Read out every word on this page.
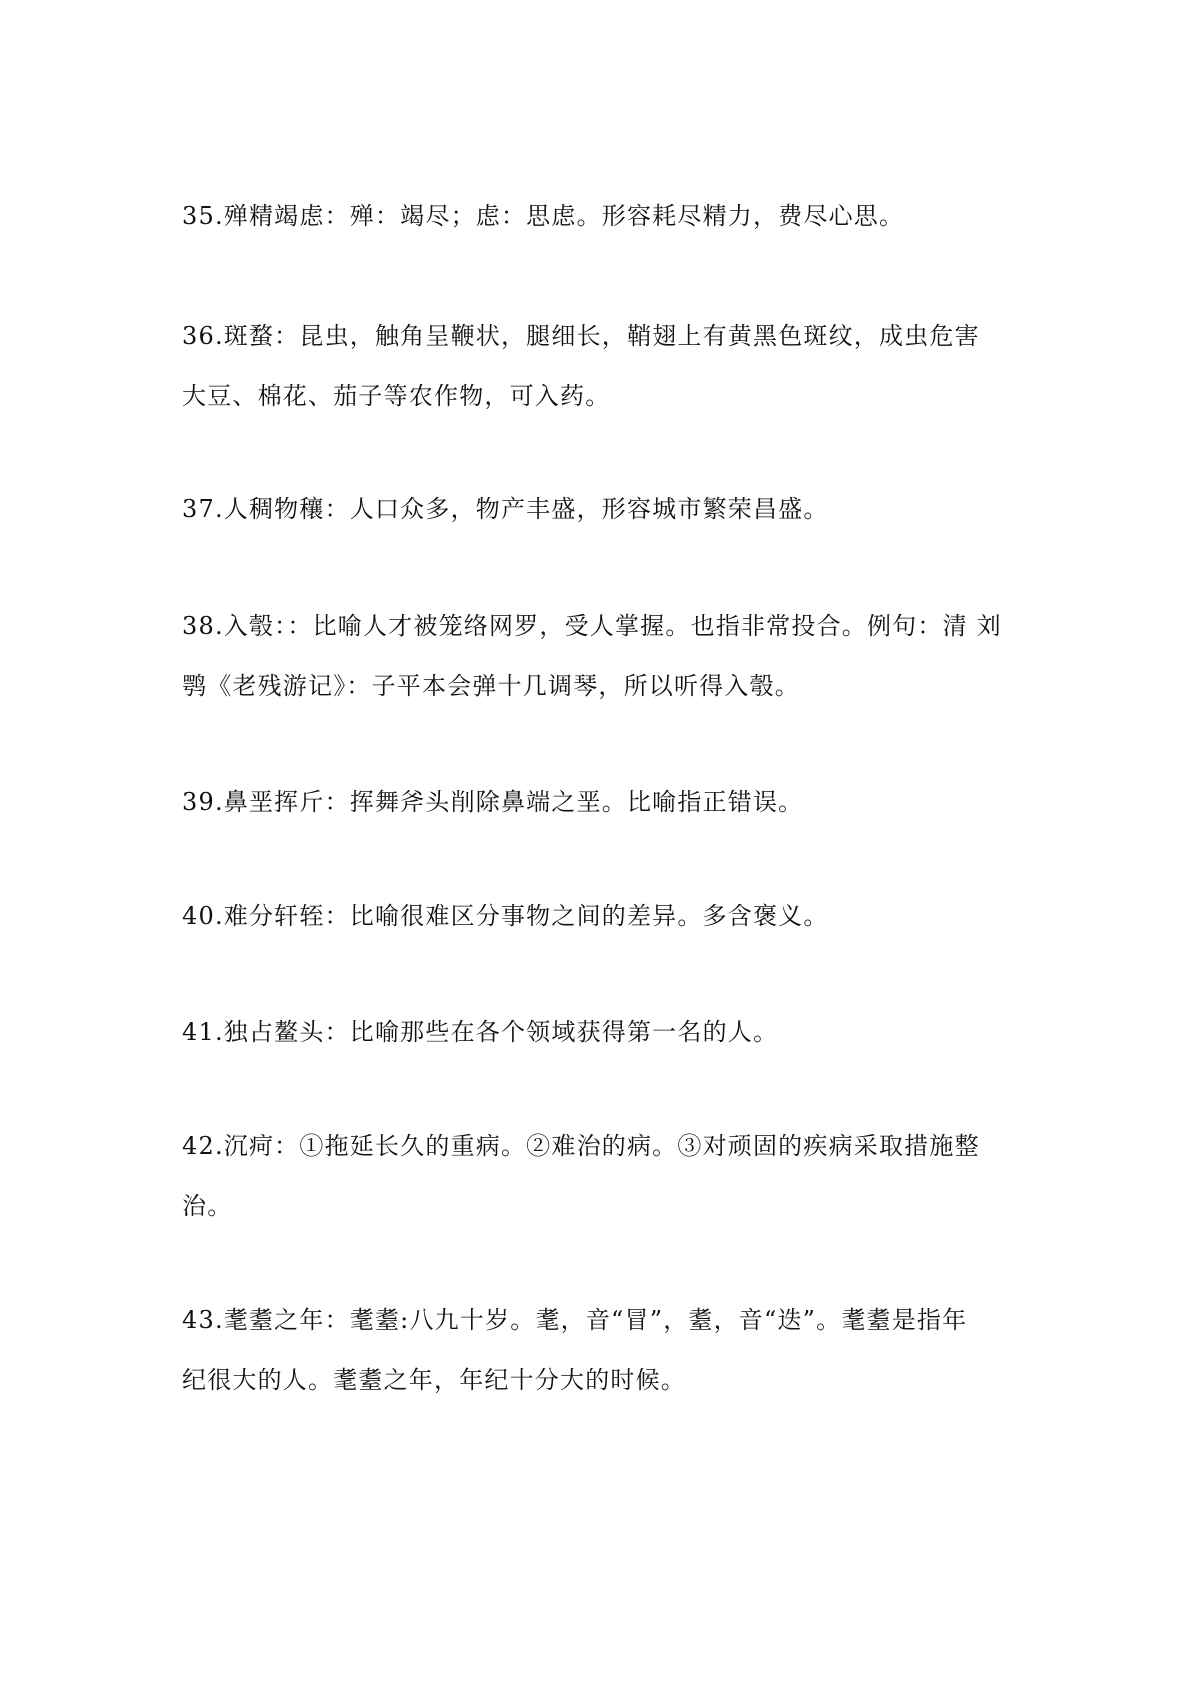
35.殚精竭虑：殚：竭尽；虑：思虑。形容耗尽精力，费尽心思。

36.斑蝥：昆虫，触角呈鞭状，腿细长，鞘翅上有黄黑色斑纹，成虫危害
大豆、棉花、茄子等农作物，可入药。

37.人稠物穰：人口众多，物产丰盛，形容城市繁荣昌盛。

38.入彀：：比喻人才被笼络网罗，受人掌握。也指非常投合。例句：清 刘
鹗《老残游记》：子平本会弹十几调琴，所以听得入彀。

39.鼻垩挥斤：挥舞斧头削除鼻端之垩。比喻指正错误。

40.难分轩轾：比喻很难区分事物之间的差异。多含褒义。

41.独占鳌头：比喻那些在各个领域获得第一名的人。

42.沉疴：①拖延长久的重病。②难治的病。③对顽固的疾病采取措施整
治。

43.耄耋之年：耄耋:八九十岁。耄，音“冒”，耋，音“迭”。耄耋是指年
纪很大的人。耄耋之年，年纪十分大的时候。
